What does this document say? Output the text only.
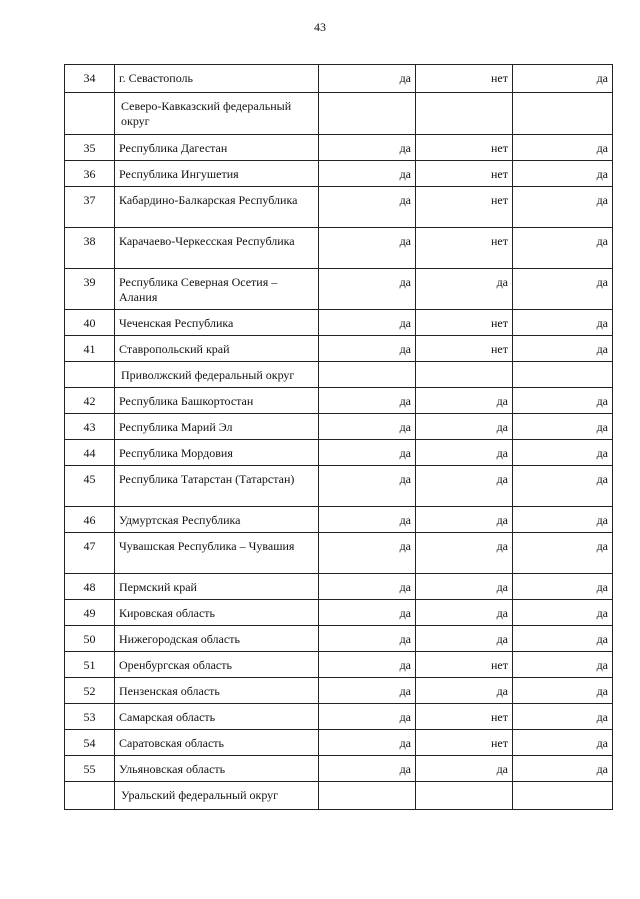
43
34	г. Севастополь	да	нет	да
	Северо-Кавказский федеральный округ			
35	Республика Дагестан	да	нет	да
36	Республика Ингушетия	да	нет	да
37	Кабардино-Балкарская Республика	да	нет	да
38	Карачаево-Черкесская Республика	да	нет	да
39	Республика Северная Осетия – Алания	да	да	да
40	Чеченская Республика	да	нет	да
41	Ставропольский край	да	нет	да
	Приволжский федеральный округ			
42	Республика Башкортостан	да	да	да
43	Республика Марий Эл	да	да	да
44	Республика Мордовия	да	да	да
45	Республика Татарстан (Татарстан)	да	да	да
46	Удмуртская Республика	да	да	да
47	Чувашская Республика – Чувашия	да	да	да
48	Пермский край	да	да	да
49	Кировская область	да	да	да
50	Нижегородская область	да	да	да
51	Оренбургская область	да	нет	да
52	Пензенская область	да	да	да
53	Самарская область	да	нет	да
54	Саратовская область	да	нет	да
55	Ульяновская область	да	да	да
	Уральский федеральный округ			
